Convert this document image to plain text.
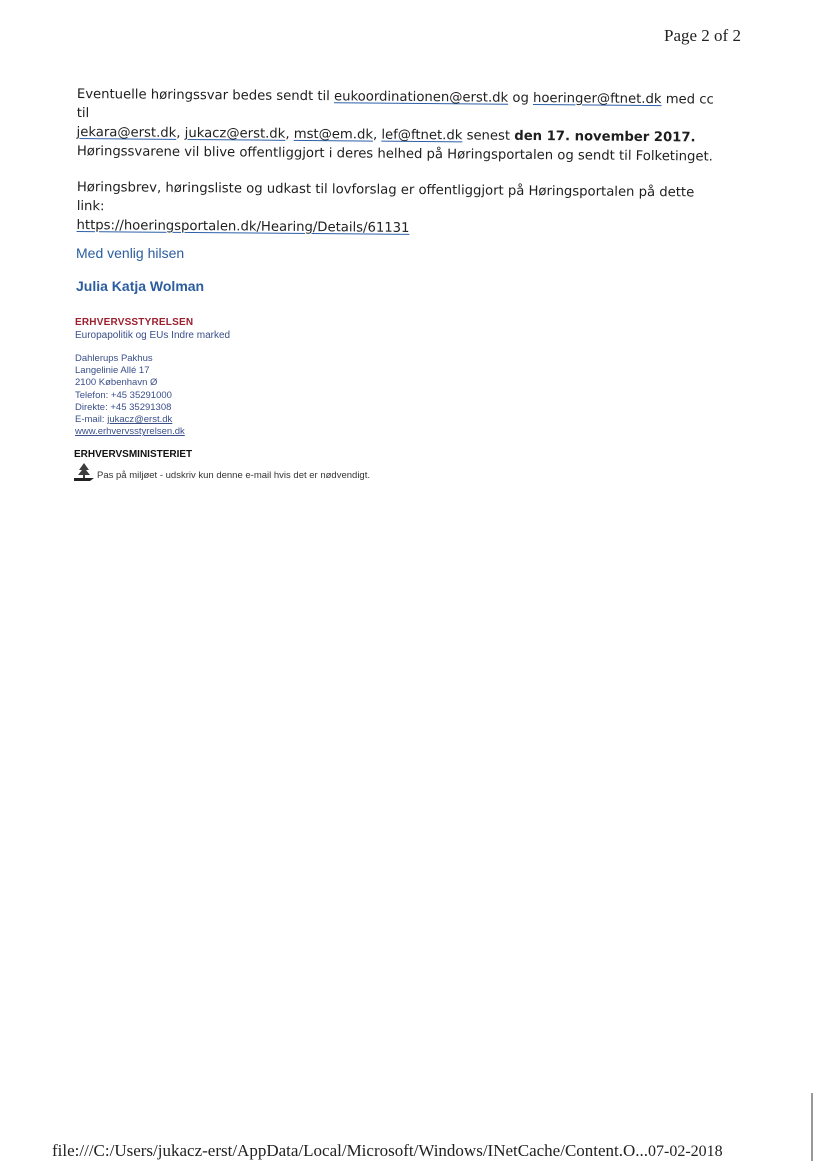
Page 2 of 2
Eventuelle høringssvar bedes sendt til eukoordinationen@erst.dk og hoeringer@ftnet.dk med cc til
jekara@erst.dk, jukacz@erst.dk, mst@em.dk, lef@ftnet.dk senest den 17. november 2017.
Høringssvarene vil blive offentliggjort i deres helhed på Høringsportalen og sendt til Folketinget.
Høringsbrev, høringsliste og udkast til lovforslag er offentliggjort på Høringsportalen på dette link:
https://hoeringsportalen.dk/Hearing/Details/61131
Med venlig hilsen
Julia Katja Wolman
ERHVERVSSTYRELSEN
Europapolitik og EUs Indre marked
Dahlerups Pakhus
Langelinie Allé 17
2100 København Ø
Telefon: +45 35291000
Direkte: +45 35291308
E-mail: jukacz@erst.dk
www.erhvervsstyrelsen.dk
ERHVERVSMINISTERIET
Pas på miljøet - udskriv kun denne e-mail hvis det er nødvendigt.
file:///C:/Users/jukacz-erst/AppData/Local/Microsoft/Windows/INetCache/Content.O... 07-02-2018
